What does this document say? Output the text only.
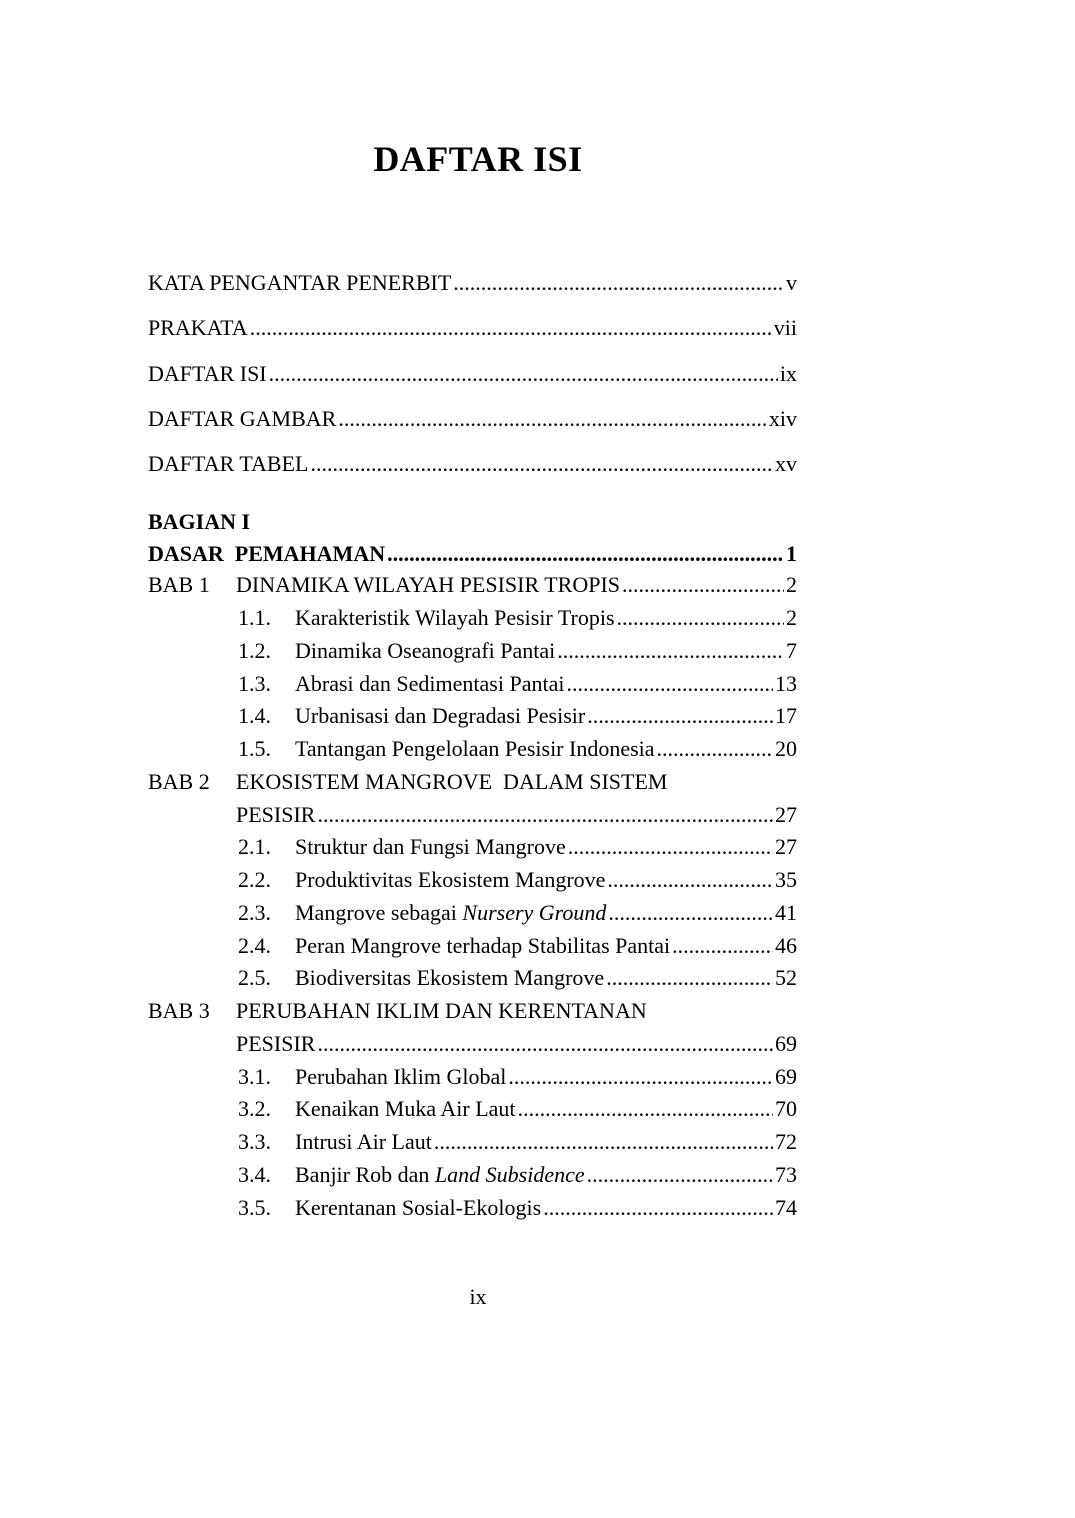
DAFTAR ISI
KATA PENGANTAR PENERBIT .....	v
PRAKATA .....	vii
DAFTAR ISI .....	ix
DAFTAR GAMBAR .....	xiv
DAFTAR TABEL .....	xv
BAGIAN I
DASAR  PEMAHAMAN .....	1
BAB 1 DINAMIKA WILAYAH PESISIR TROPIS .....	2
1.1. Karakteristik Wilayah Pesisir Tropis .....	2
1.2. Dinamika Oseanografi Pantai .....	7
1.3. Abrasi dan Sedimentasi Pantai .....	13
1.4. Urbanisasi dan Degradasi Pesisir .....	17
1.5. Tantangan Pengelolaan Pesisir Indonesia .....	20
BAB 2 EKOSISTEM MANGROVE  DALAM SISTEM
PESISIR .....	27
2.1. Struktur dan Fungsi Mangrove .....	27
2.2. Produktivitas Ekosistem Mangrove .....	35
2.3. Mangrove sebagai Nursery Ground .....	41
2.4. Peran Mangrove terhadap Stabilitas Pantai .....	46
2.5. Biodiversitas Ekosistem Mangrove .....	52
BAB 3 PERUBAHAN IKLIM DAN KERENTANAN
PESISIR .....	69
3.1. Perubahan Iklim Global .....	69
3.2. Kenaikan Muka Air Laut .....	70
3.3. Intrusi Air Laut .....	72
3.4. Banjir Rob dan Land Subsidence .....	73
3.5. Kerentanan Sosial-Ekologis .....	74
ix
